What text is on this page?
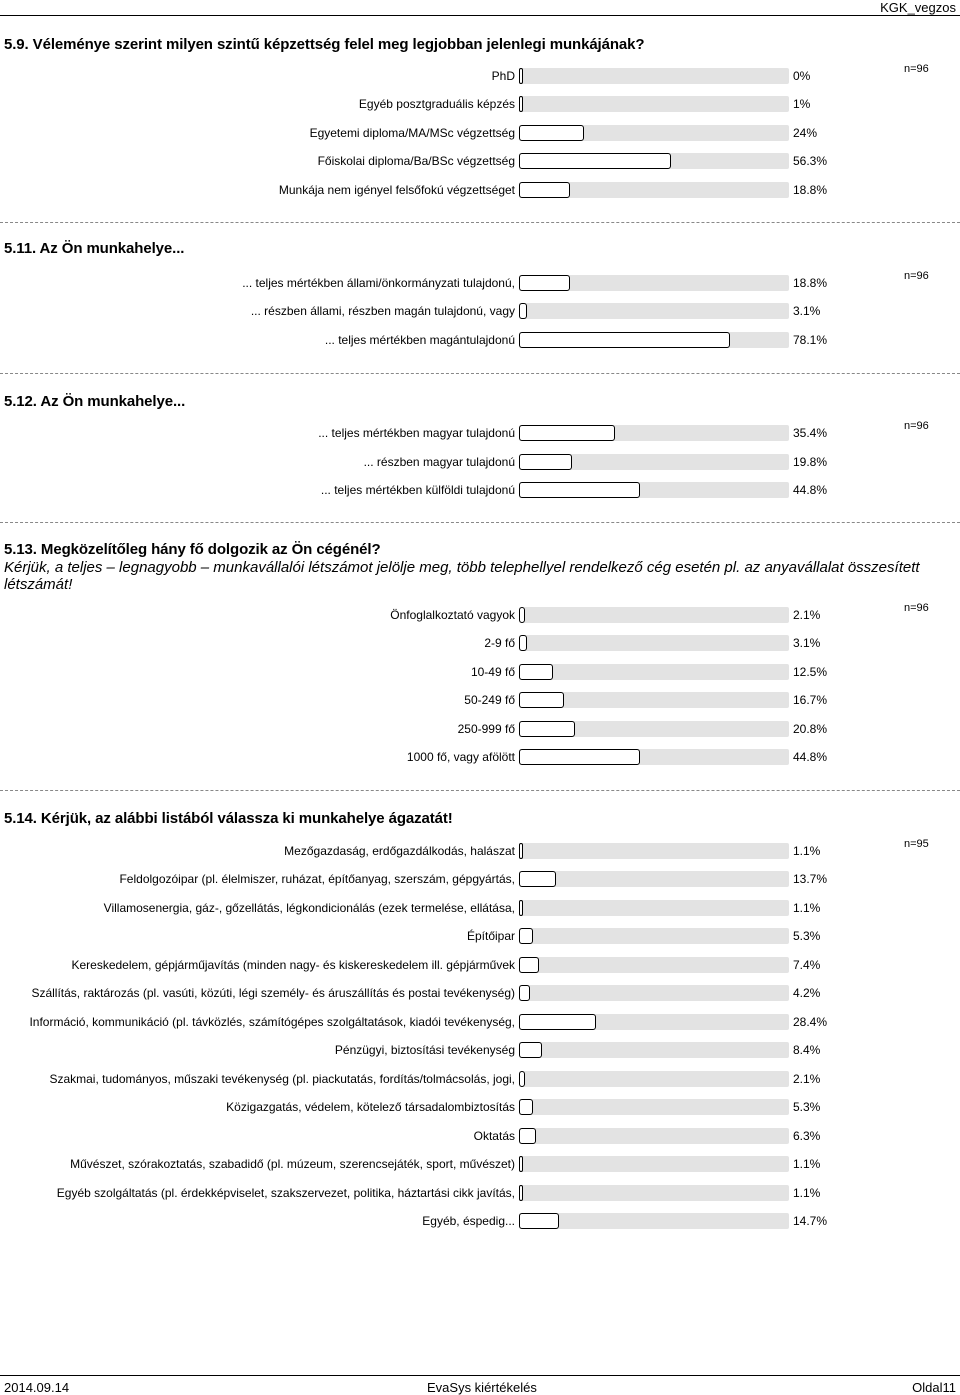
KGK_vegzos
5.9. Véleménye szerint milyen szintű képzettség felel meg legjobban jelenlegi munkájának?
n=96
PhD	0%
Egyéb posztgraduális képzés	1%
Egyetemi diploma/MA/MSc végzettség	24%
Főiskolai diploma/Ba/BSc végzettség	56.3%
Munkája nem igényel felsőfokú végzettséget	18.8%
5.11. Az Ön munkahelye...
n=96
... teljes mértékben állami/önkormányzati tulajdonú,	18.8%
... részben állami, részben magán tulajdonú, vagy	3.1%
... teljes mértékben magántulajdonú	78.1%
5.12. Az Ön munkahelye...
n=96
... teljes mértékben magyar tulajdonú	35.4%
... részben magyar tulajdonú	19.8%
... teljes mértékben külföldi tulajdonú	44.8%
5.13. Megközelítőleg hány fő dolgozik az Ön cégénél?
Kérjük, a teljes – legnagyobb – munkavállalói létszámot jelölje meg, több telephellyel rendelkező cég esetén pl. az anyavállalat összesített létszámát!
n=96
Önfoglalkoztató vagyok	2.1%
2-9 fő	3.1%
10-49 fő	12.5%
50-249 fő	16.7%
250-999 fő	20.8%
1000 fő, vagy afölött	44.8%
5.14. Kérjük, az alábbi listából válassza ki munkahelye ágazatát!
n=95
Mezőgazdaság, erdőgazdálkodás, halászat	1.1%
Feldolgozóipar (pl. élelmiszer, ruházat, építőanyag, szerszám, gépgyártás,	13.7%
Villamosenergia, gáz-, gőzellátás, légkondicionálás (ezek termelése, ellátása,	1.1%
Építőipar	5.3%
Kereskedelem, gépjárműjavítás (minden nagy- és kiskereskedelem ill. gépjárművek	7.4%
Szállítás, raktározás (pl. vasúti, közúti, légi személy- és áruszállítás és postai tevékenység)	4.2%
Információ, kommunikáció (pl. távközlés, számítógépes szolgáltatások, kiadói tevékenység,	28.4%
Pénzügyi, biztosítási tevékenység	8.4%
Szakmai, tudományos, műszaki tevékenység (pl. piackutatás, fordítás/tolmácsolás, jogi,	2.1%
Közigazgatás, védelem, kötelező társadalombiztosítás	5.3%
Oktatás	6.3%
Művészet, szórakoztatás, szabadidő (pl. múzeum, szerencsejáték, sport, művészet)	1.1%
Egyéb szolgáltatás (pl. érdekképviselet, szakszervezet, politika, háztartási cikk javítás,	1.1%
Egyéb, éspedig...	14.7%
2014.09.14	EvaSys kiértékelés	Oldal11
